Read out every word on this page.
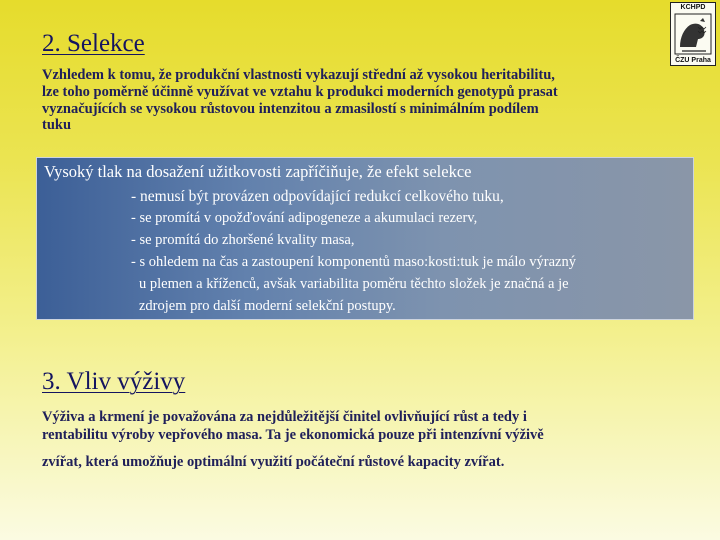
KCHPD
ČZU Praha
2. Selekce
Vzhledem k tomu, že produkční vlastnosti vykazují střední až vysokou heritabilitu,
lze toho poměrně účinně využívat ve vztahu k produkci moderních genotypů prasat
vyznačujících se vysokou růstovou intenzitou a zmasilostí s minimálním podílem
tuku
Vysoký tlak na dosažení užitkovosti zapříčiňuje, že efekt selekce
- nemusí být provázen odpovídající redukcí celkového tuku,
- se promítá v opožďování adipogeneze a akumulaci rezerv,
- se promítá do zhoršené kvality masa,
- s ohledem na čas a zastoupení komponentů maso:kosti:tuk je málo výrazný
u plemen a kříženců, avšak variabilita poměru těchto složek je značná a je
zdrojem pro další moderní selekční postupy.
3. Vliv výživy
Výživa a krmení je považována za nejdůležitější činitel ovlivňující růst a tedy i
rentabilitu výroby vepřového masa. Ta je ekonomická pouze při intenzívní výživě
zvířat, která umožňuje optimální využití počáteční růstové kapacity zvířat.
